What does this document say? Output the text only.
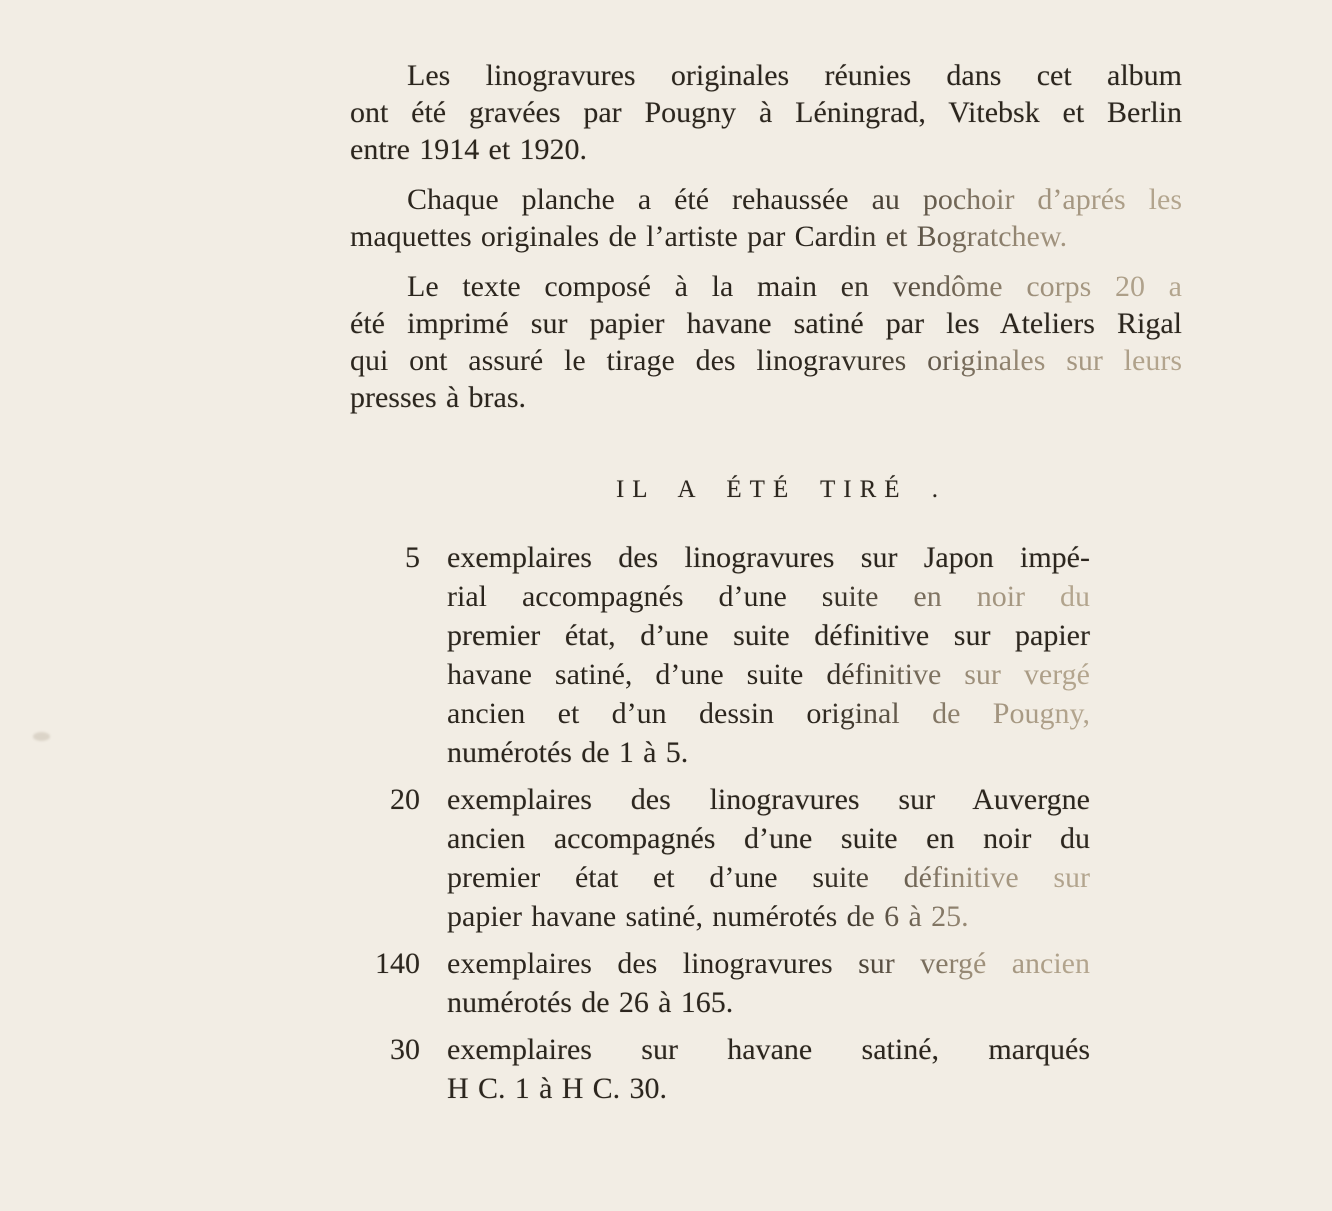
Les linogravures originales réunies dans cet album
ont été gravées par Pougny à Léningrad, Vitebsk et Berlin
entre 1914 et 1920.
Chaque planche a été rehaussée au pochoir d’aprés les
maquettes originales de l’artiste par Cardin et Bogratchew.
Le texte composé à la main en vendôme corps 20 a
été imprimé sur papier havane satiné par les Ateliers Rigal
qui ont assuré le tirage des linogravures originales sur leurs
presses à bras.
IL A ÉTÉ TIRÉ .
5 exemplaires des linogravures sur Japon impé-
rial accompagnés d’une suite en noir du
premier état, d’une suite définitive sur papier
havane satiné, d’une suite définitive sur vergé
ancien et d’un dessin original de Pougny,
numérotés de 1 à 5.
20 exemplaires des linogravures sur Auvergne
ancien accompagnés d’une suite en noir du
premier état et d’une suite définitive sur
papier havane satiné, numérotés de 6 à 25.
140 exemplaires des linogravures sur vergé ancien
numérotés de 26 à 165.
30 exemplaires sur havane satiné, marqués
H C. 1 à H C. 30.
